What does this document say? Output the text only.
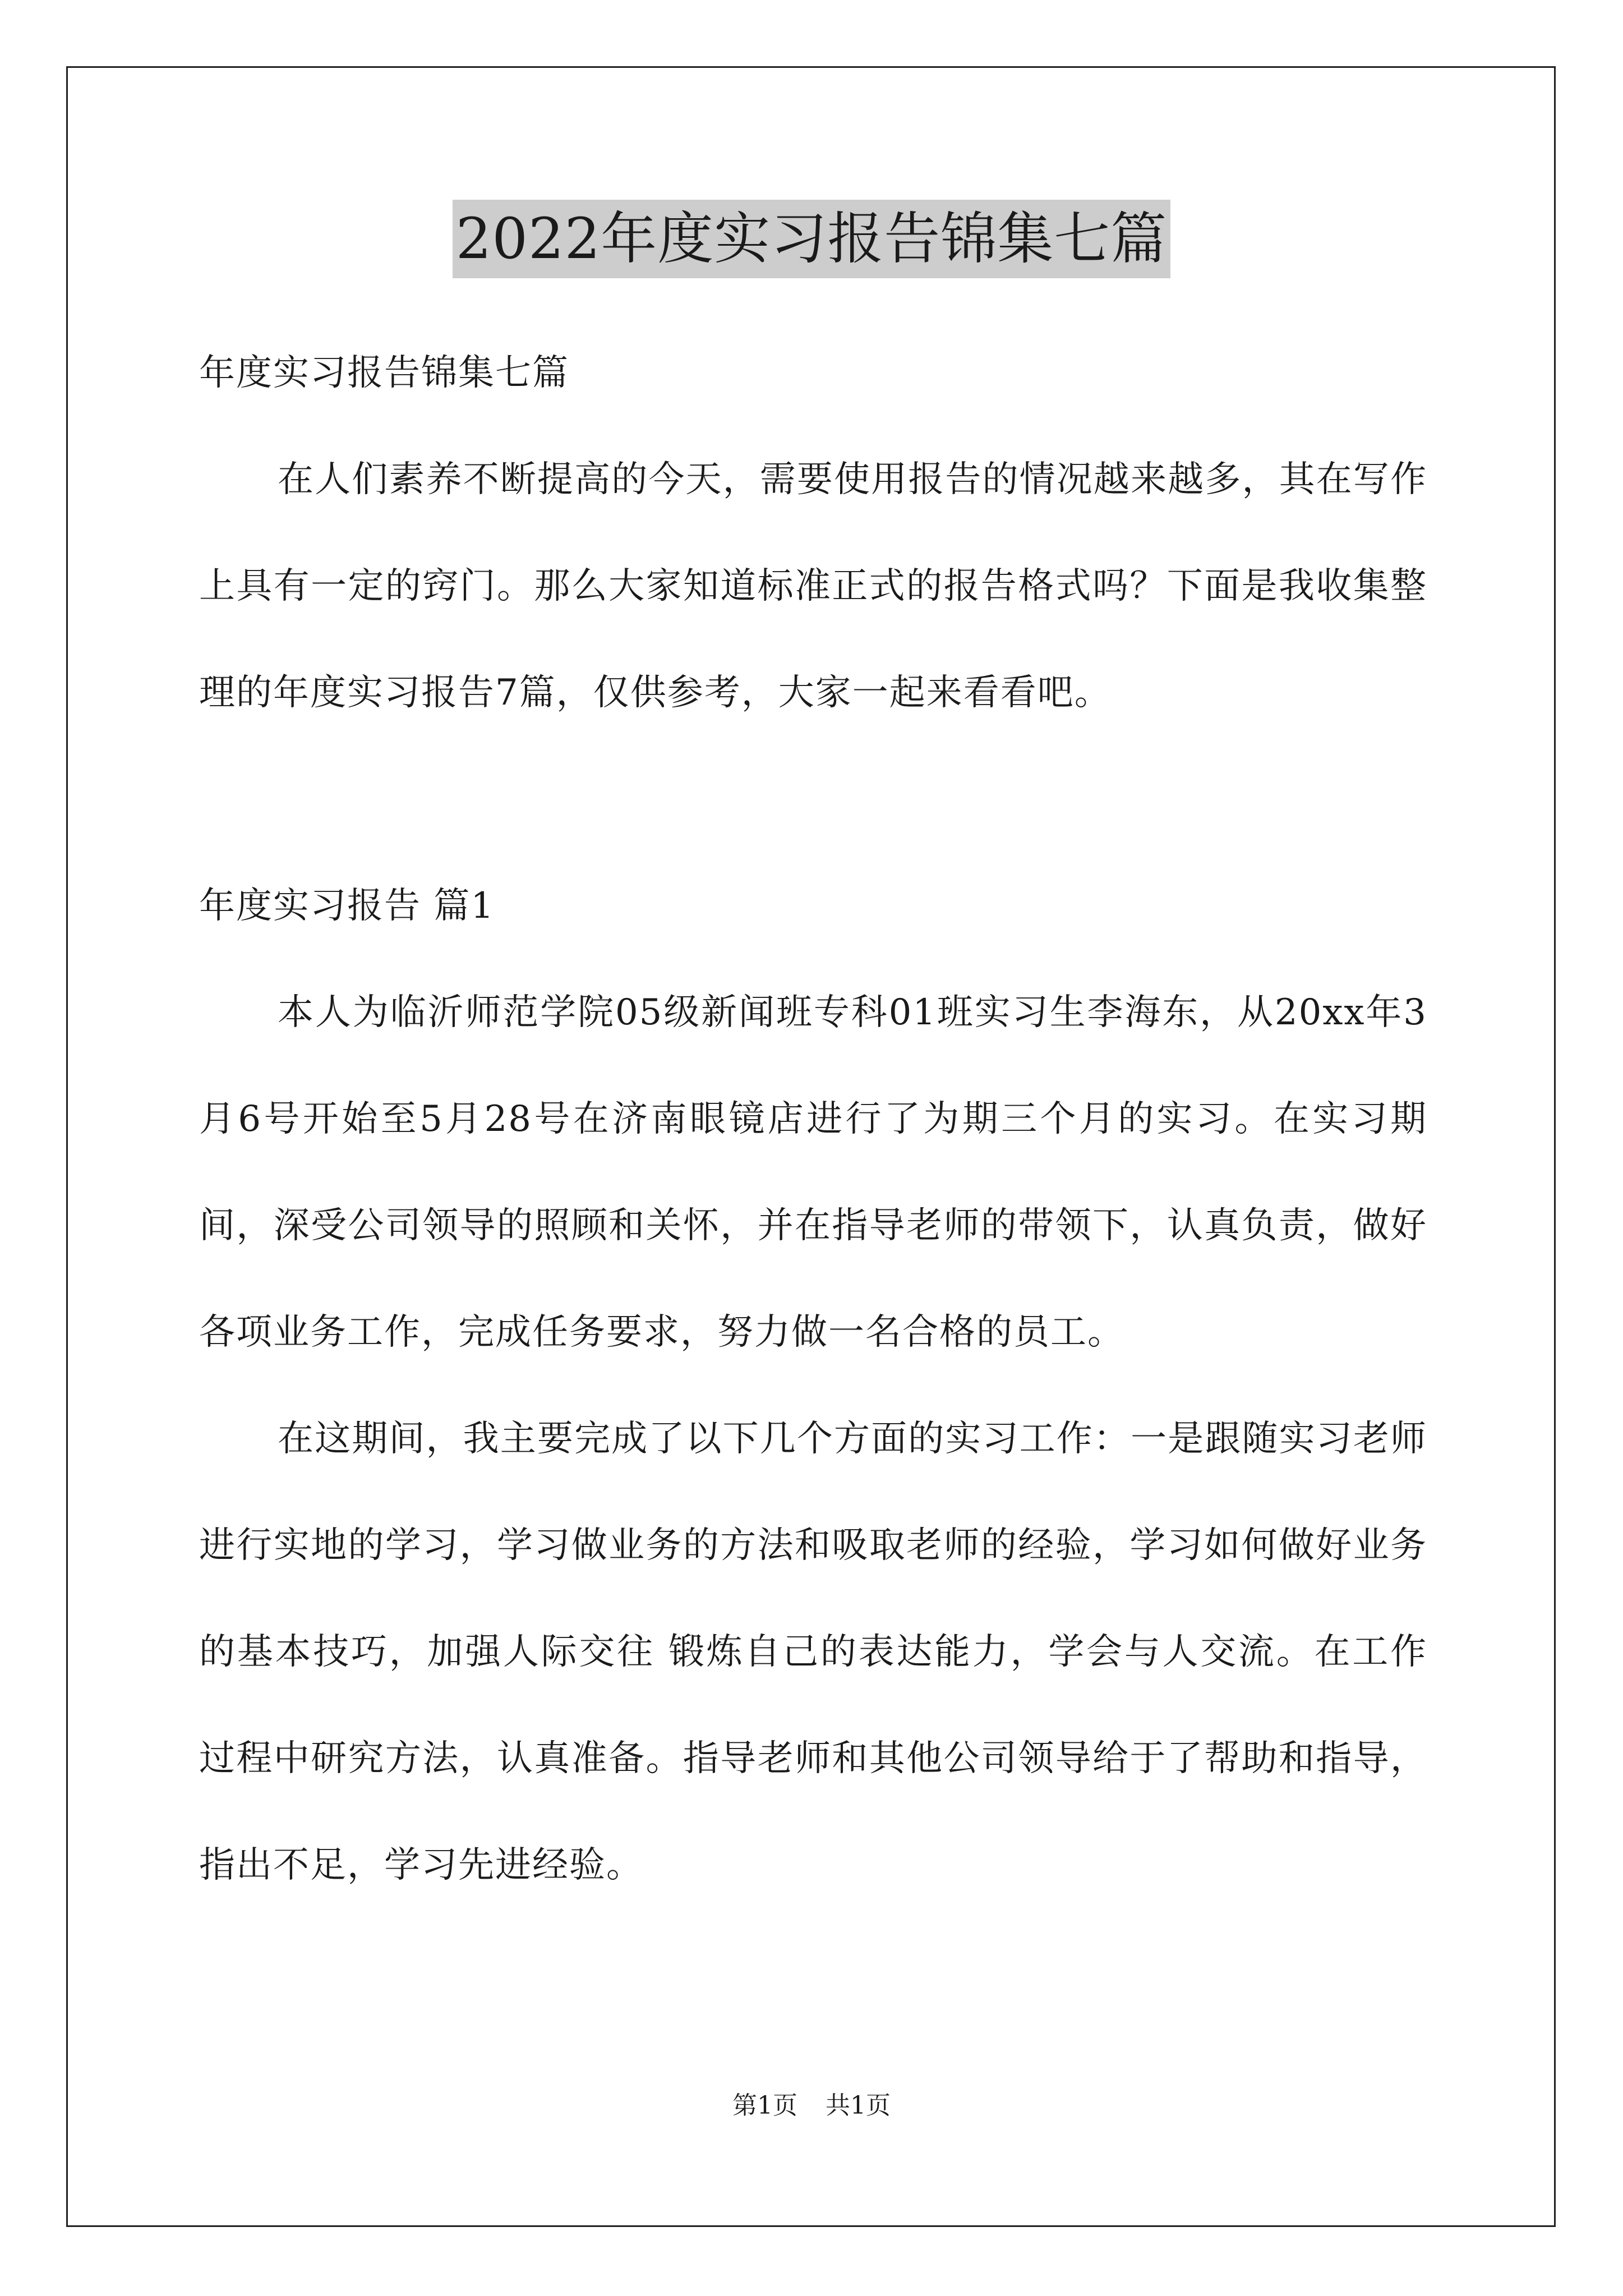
2022年度实习报告锦集七篇

年度实习报告锦集七篇

在人们素养不断提高的今天，需要使用报告的情况越来越多，其在写作上具有一定的窍门。那么大家知道标准正式的报告格式吗？下面是我收集整理的年度实习报告7篇，仅供参考，大家一起来看看吧。

年度实习报告 篇1

本人为临沂师范学院05级新闻班专科01班实习生李海东，从20xx年3月6号开始至5月28号在济南眼镜店进行了为期三个月的实习。在实习期间，深受公司领导的照顾和关怀，并在指导老师的带领下，认真负责，做好各项业务工作，完成任务要求，努力做一名合格的员工。

在这期间，我主要完成了以下几个方面的实习工作：一是跟随实习老师进行实地的学习，学习做业务的方法和吸取老师的经验，学习如何做好业务的基本技巧，加强人际交往 锻炼自己的表达能力，学会与人交流。在工作过程中研究方法，认真准备。指导老师和其他公司领导给于了帮助和指导，指出不足，学习先进经验。

第1页 共1页
